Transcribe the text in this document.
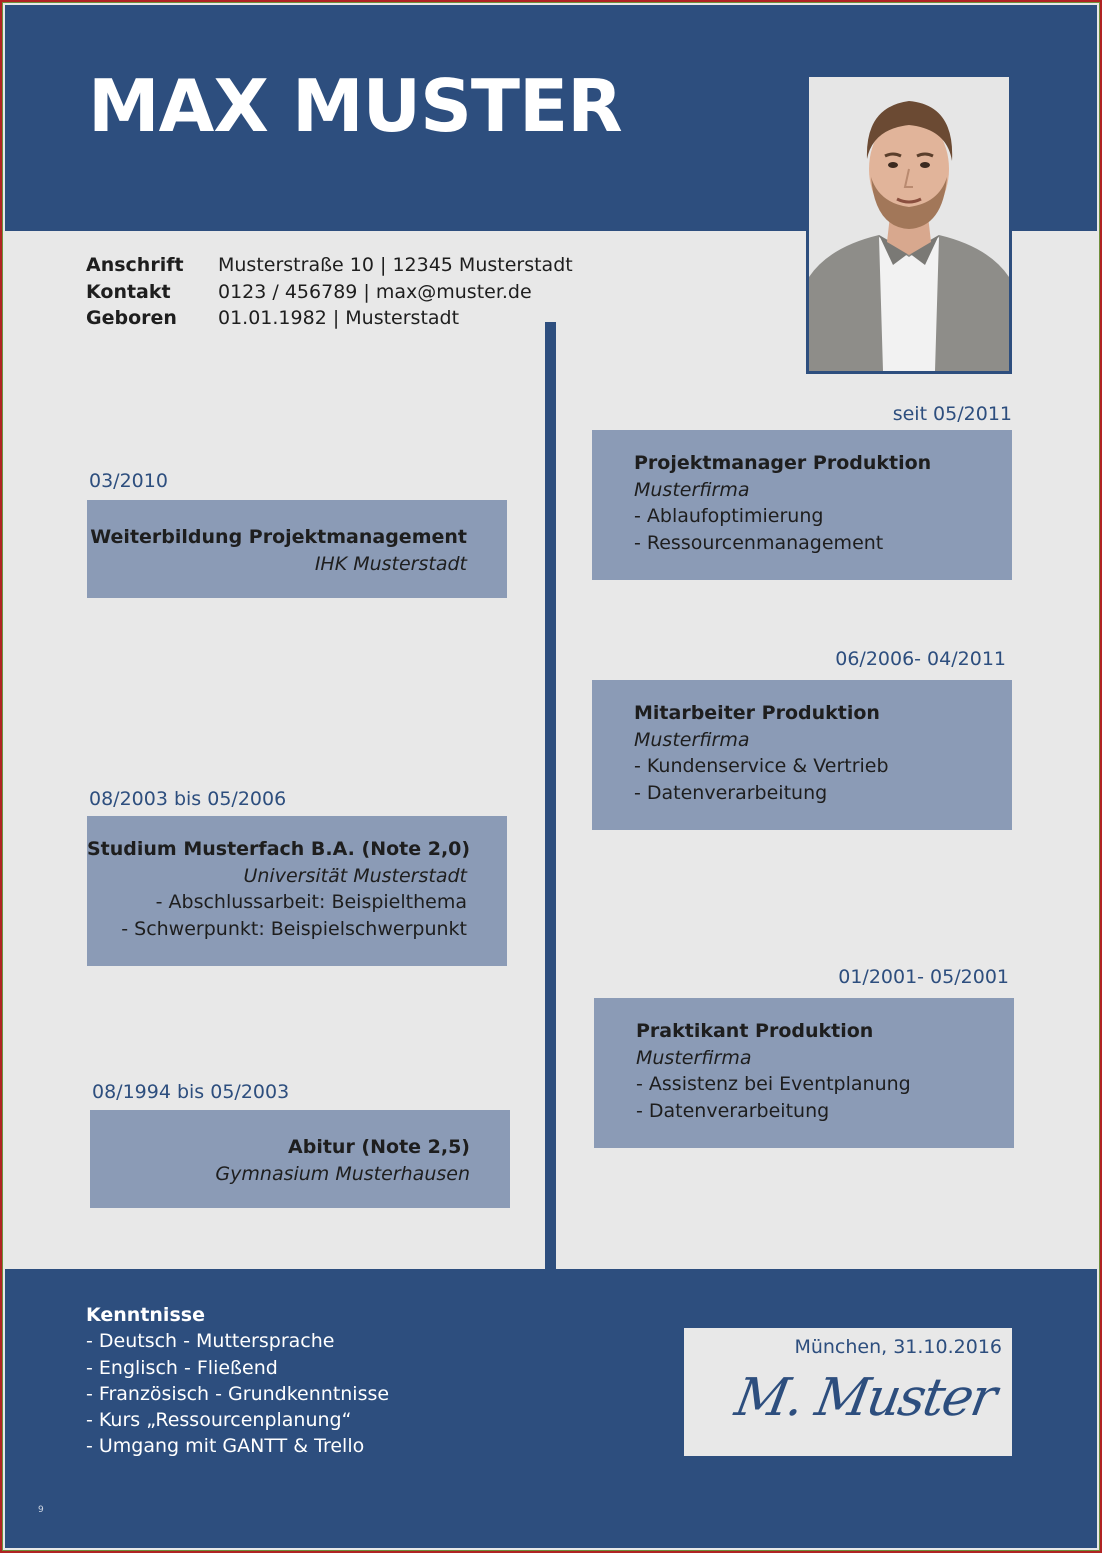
MAX MUSTER
Anschrift	Musterstraße 10 | 12345 Musterstadt
Kontakt	0123 / 456789 | max@muster.de
Geboren	01.01.1982 | Musterstadt
seit 05/2011
Projektmanager Produktion
Musterfirma
- Ablaufoptimierung
- Ressourcenmanagement
06/2006- 04/2011
Mitarbeiter Produktion
Musterfirma
- Kundenservice & Vertrieb
- Datenverarbeitung
01/2001- 05/2001
Praktikant Produktion
Musterfirma
- Assistenz bei Eventplanung
- Datenverarbeitung
03/2010
Weiterbildung Projektmanagement
IHK Musterstadt
08/2003 bis 05/2006
Studium Musterfach B.A. (Note 2,0)
Universität Musterstadt
- Abschlussarbeit: Beispielthema
- Schwerpunkt: Beispielschwerpunkt
08/1994 bis 05/2003
Abitur (Note 2,5)
Gymnasium Musterhausen
Kenntnisse
- Deutsch - Muttersprache
- Englisch - Fließend
- Französisch - Grundkenntnisse
- Kurs „Ressourcenplanung“
- Umgang mit GANTT & Trello
München, 31.10.2016
M. Muster
9
